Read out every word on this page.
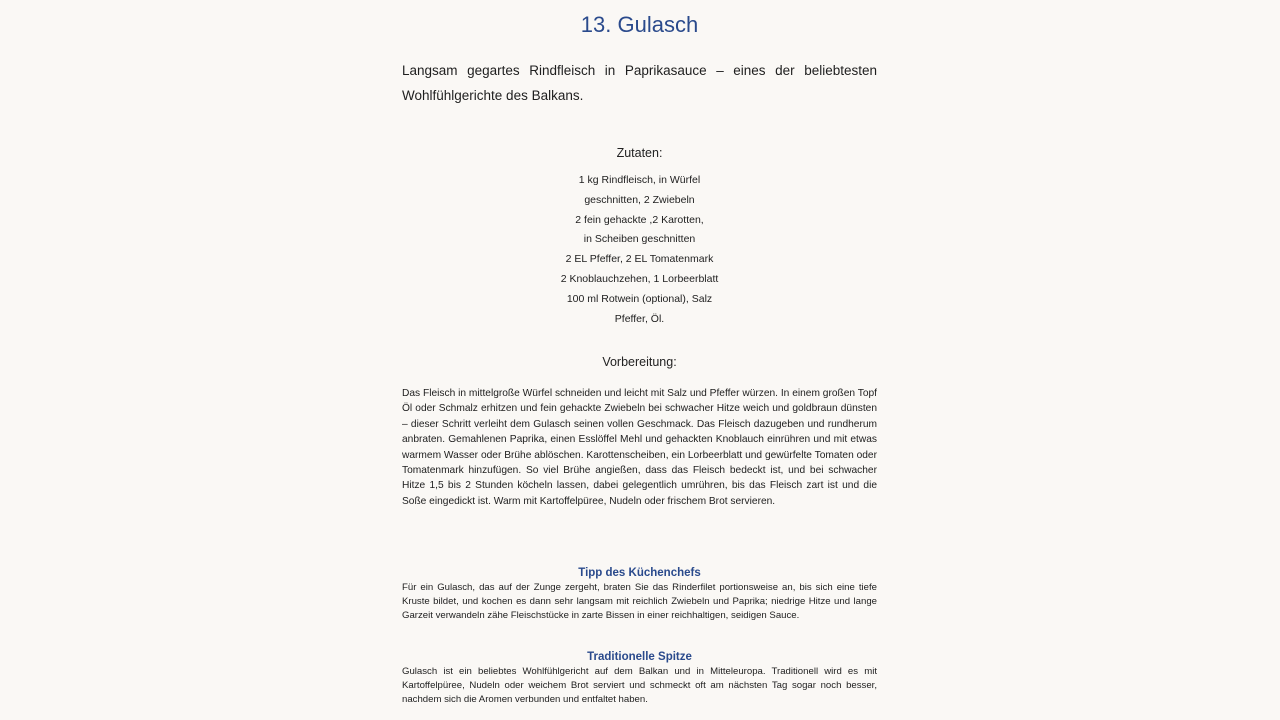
13. Gulasch

Langsam gegartes Rindfleisch in Paprikasauce – eines der beliebtesten Wohlfühlgerichte des Balkans.

Zutaten:
1 kg Rindfleisch, in Würfel
geschnitten, 2 Zwiebeln
2 fein gehackte ,2 Karotten,
in Scheiben geschnitten
2 EL Pfeffer, 2 EL Tomatenmark
2 Knoblauchzehen, 1 Lorbeerblatt
100 ml Rotwein (optional), Salz
Pfeffer, Öl.
Vorbereitung:

Das Fleisch in mittelgroße Würfel schneiden und leicht mit Salz und Pfeffer würzen. In einem großen Topf Öl oder Schmalz erhitzen und fein gehackte Zwiebeln bei schwacher Hitze weich und goldbraun dünsten – dieser Schritt verleiht dem Gulasch seinen vollen Geschmack. Das Fleisch dazugeben und rundherum anbraten. Gemahlenen Paprika, einen Esslöffel Mehl und gehackten Knoblauch einrühren und mit etwas warmem Wasser oder Brühe ablöschen. Karottenscheiben, ein Lorbeerblatt und gewürfelte Tomaten oder Tomatenmark hinzufügen. So viel Brühe angießen, dass das Fleisch bedeckt ist, und bei schwacher Hitze 1,5 bis 2 Stunden köcheln lassen, dabei gelegentlich umrühren, bis das Fleisch zart ist und die Soße eingedickt ist. Warm mit Kartoffelpüree, Nudeln oder frischem Brot servieren.

Tipp des Küchenchefs

Für ein Gulasch, das auf der Zunge zergeht, braten Sie das Rinderfilet portionsweise an, bis sich eine tiefe Kruste bildet, und kochen es dann sehr langsam mit reichlich Zwiebeln und Paprika; niedrige Hitze und lange Garzeit verwandeln zähe Fleischstücke in zarte Bissen in einer reichhaltigen, seidigen Sauce.

Traditionelle Spitze

Gulasch ist ein beliebtes Wohlfühlgericht auf dem Balkan und in Mitteleuropa. Traditionell wird es mit Kartoffelpüree, Nudeln oder weichem Brot serviert und schmeckt oft am nächsten Tag sogar noch besser, nachdem sich die Aromen verbunden und entfaltet haben.
